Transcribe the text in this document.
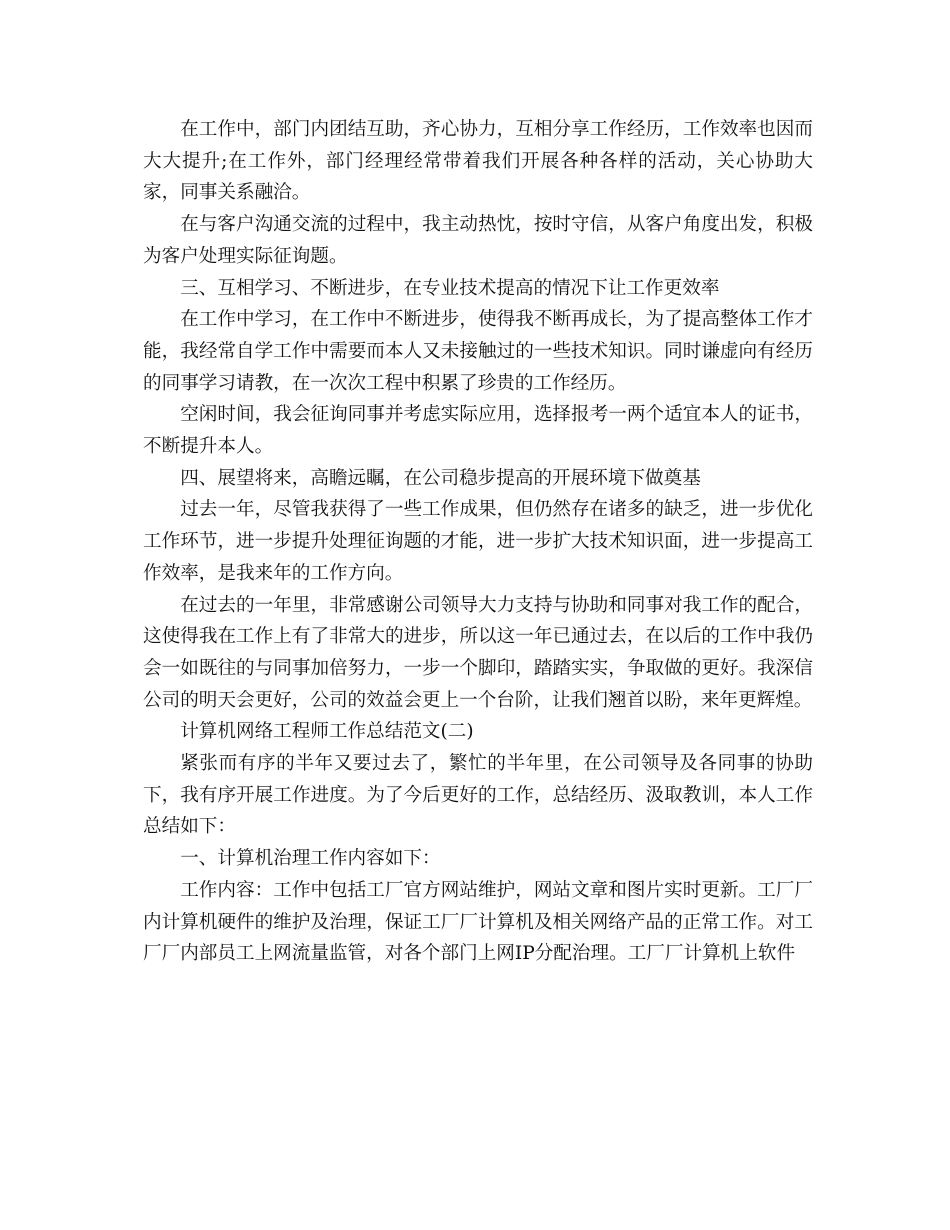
在工作中，部门内团结互助，齐心协力，互相分享工作经历，工作效率也因而大大提升;在工作外，部门经理经常带着我们开展各种各样的活动，关心协助大家，同事关系融洽。

在与客户沟通交流的过程中，我主动热忱，按时守信，从客户角度出发，积极为客户处理实际征询题。

三、互相学习、不断进步，在专业技术提高的情况下让工作更效率

在工作中学习，在工作中不断进步，使得我不断再成长，为了提高整体工作才能，我经常自学工作中需要而本人又未接触过的一些技术知识。同时谦虚向有经历的同事学习请教，在一次次工程中积累了珍贵的工作经历。

空闲时间，我会征询同事并考虑实际应用，选择报考一两个适宜本人的证书，不断提升本人。

四、展望将来，高瞻远瞩，在公司稳步提高的开展环境下做奠基

过去一年，尽管我获得了一些工作成果，但仍然存在诸多的缺乏，进一步优化工作环节，进一步提升处理征询题的才能，进一步扩大技术知识面，进一步提高工作效率，是我来年的工作方向。

在过去的一年里，非常感谢公司领导大力支持与协助和同事对我工作的配合，这使得我在工作上有了非常大的进步，所以这一年已通过去，在以后的工作中我仍会一如既往的与同事加倍努力，一步一个脚印，踏踏实实，争取做的更好。我深信公司的明天会更好，公司的效益会更上一个台阶，让我们翘首以盼，来年更辉煌。

计算机网络工程师工作总结范文(二)

紧张而有序的半年又要过去了，繁忙的半年里，在公司领导及各同事的协助下，我有序开展工作进度。为了今后更好的工作，总结经历、汲取教训，本人工作总结如下：

一、计算机治理工作内容如下：

工作内容：工作中包括工厂官方网站维护，网站文章和图片实时更新。工厂厂内计算机硬件的维护及治理，保证工厂厂计算机及相关网络产品的正常工作。对工厂厂内部员工上网流量监管，对各个部门上网IP分配治理。工厂厂计算机上软件
